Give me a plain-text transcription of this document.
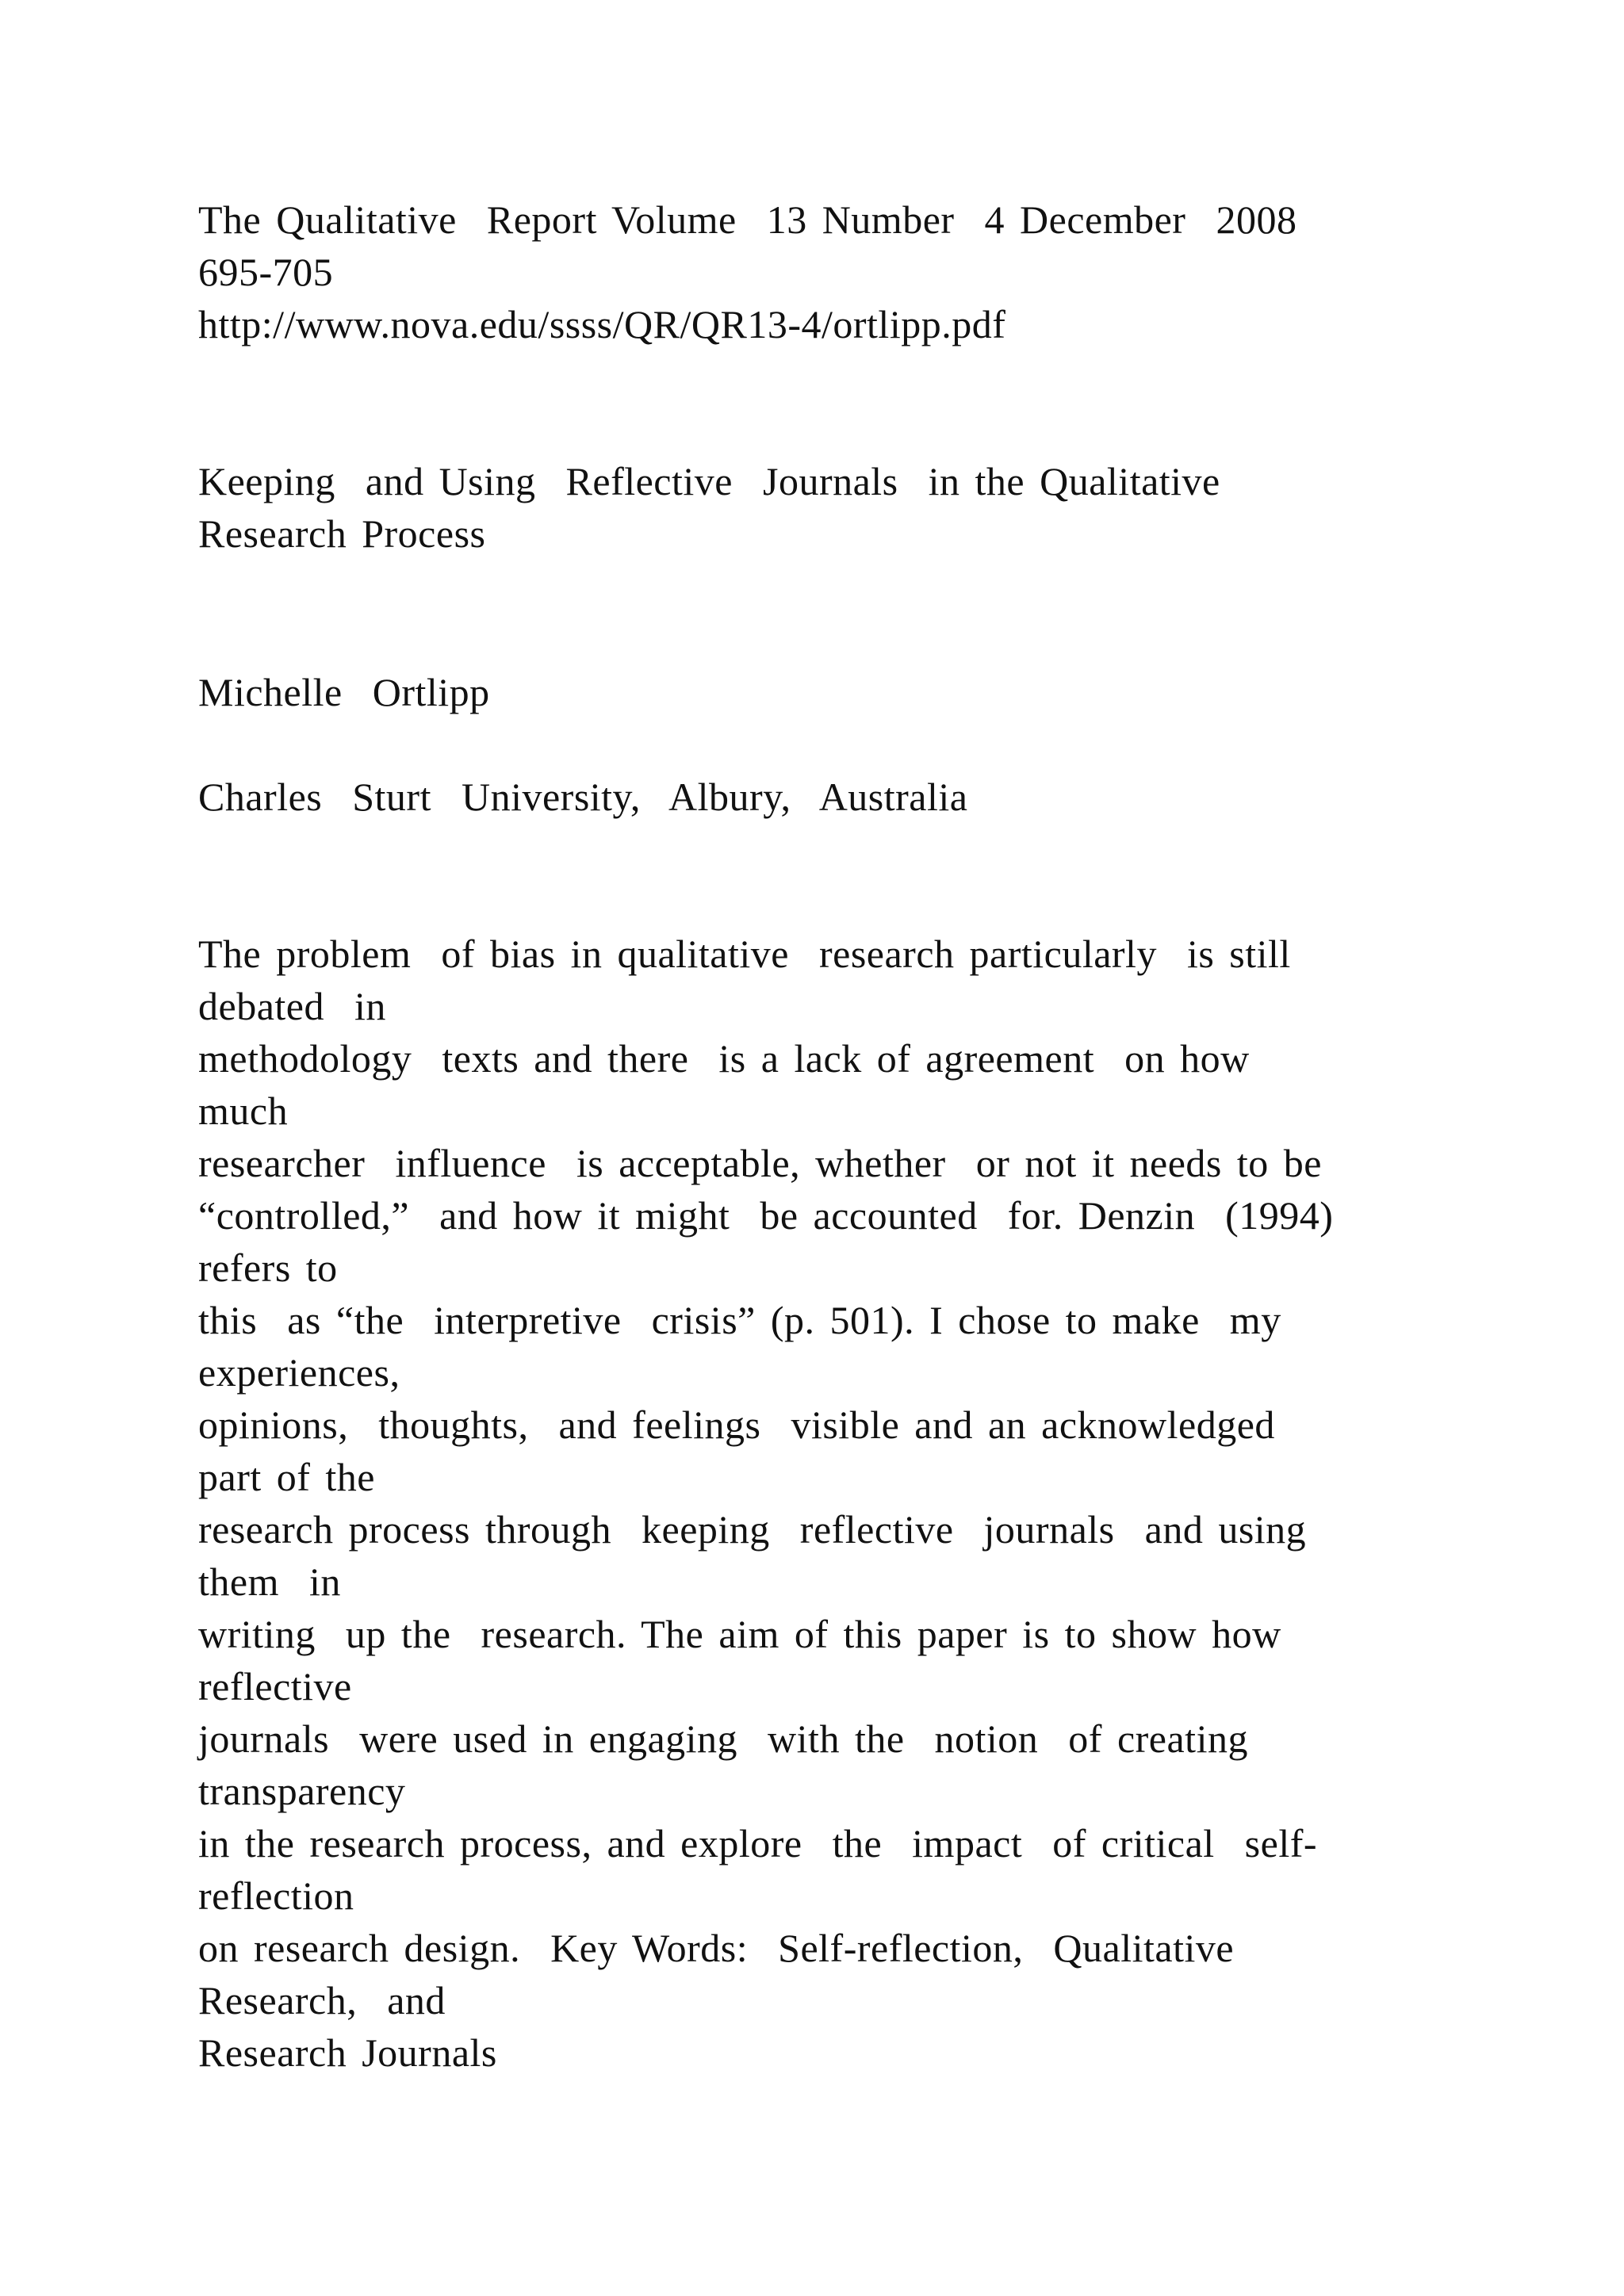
The Qualitative  Report Volume  13 Number  4 December  2008
695-705
http://www.nova.edu/ssss/QR/QR13-4/ortlipp.pdf
Keeping  and Using  Reflective  Journals  in the Qualitative
Research Process
Michelle  Ortlipp
Charles  Sturt  University,  Albury,  Australia
The problem  of bias in qualitative  research particularly  is still
debated  in
methodology  texts and there  is a lack of agreement  on how
much
researcher  influence  is acceptable, whether  or not it needs to be
“controlled,”  and how it might  be accounted  for. Denzin  (1994)
refers to
this  as “the  interpretive  crisis” (p. 501). I chose to make  my
experiences,
opinions,  thoughts,  and feelings  visible and an acknowledged
part of the
research process through  keeping  reflective  journals  and using
them  in
writing  up the  research. The aim of this paper is to show how
reflective
journals  were used in engaging  with the  notion  of creating
transparency
in the research process, and explore  the  impact  of critical  self-
reflection
on research design.  Key Words:  Self-reflection,  Qualitative
Research,  and
Research Journals
